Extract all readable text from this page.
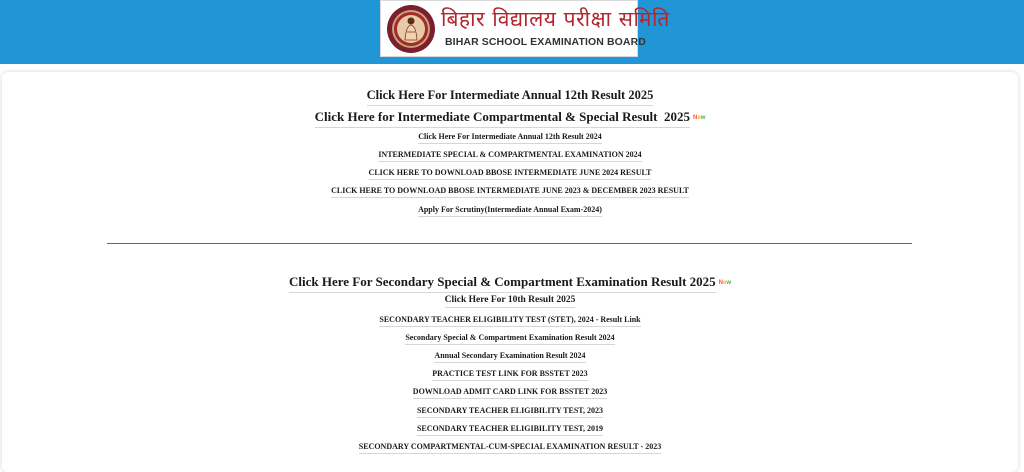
बिहार विद्यालय परीक्षा समिति
BIHAR SCHOOL EXAMINATION BOARD
Click Here For Intermediate Annual 12th Result 2025
Click Here for Intermediate Compartmental & Special Result  2025 New
Click Here For Intermediate Annual 12th Result 2024
INTERMEDIATE SPECIAL & COMPARTMENTAL EXAMINATION 2024
CLICK HERE TO DOWNLOAD BBOSE INTERMEDIATE JUNE 2024 RESULT
CLICK HERE TO DOWNLOAD BBOSE INTERMEDIATE JUNE 2023 & DECEMBER 2023 RESULT
Apply For Scrutiny(Intermediate Annual Exam-2024)
Click Here For Secondary Special & Compartment Examination Result 2025 New
Click Here For 10th Result 2025
SECONDARY TEACHER ELIGIBILITY TEST (STET), 2024 - Result Link
Secondary Special & Compartment Examination Result 2024
Annual Secondary Examination Result 2024
PRACTICE TEST LINK FOR BSSTET 2023
DOWNLOAD ADMIT CARD LINK FOR BSSTET 2023
SECONDARY TEACHER ELIGIBILITY TEST, 2023
SECONDARY TEACHER ELIGIBILITY TEST, 2019
SECONDARY COMPARTMENTAL-CUM-SPECIAL EXAMINATION RESULT - 2023
